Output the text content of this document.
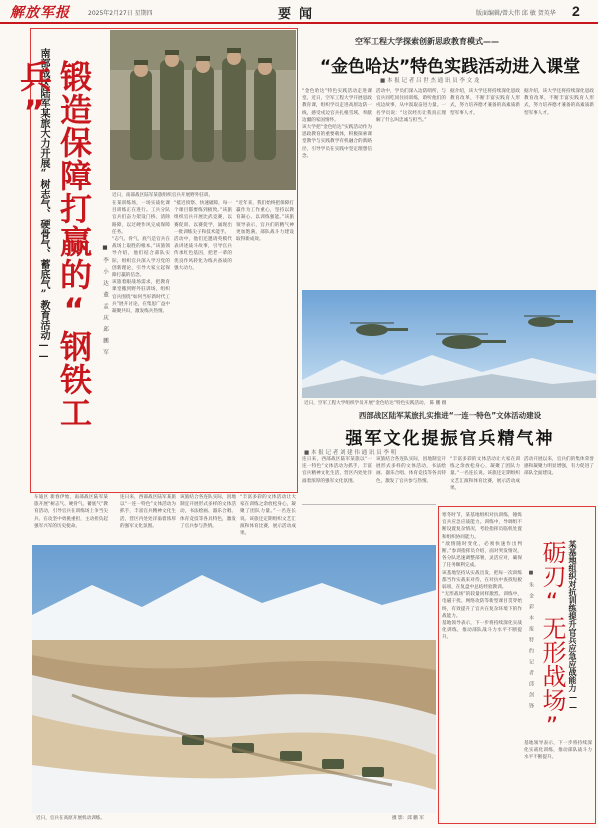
解放军报	2025年2月27日 星期四	要闻	版面编辑/曾大伟 邱 敏 贺英华 2
南部战区陆军某旅大力开展“树志气、硬骨气、蓄底气”教育活动—— 锻造保障打赢的“钢铁工兵”
■ 李 小 达 董 孟 庆 邱 鹏 军
近日，南部战区陆军某旅组织官兵开展野外驻训。

在某训练场，一场实战化课目训练正在进行。工兵分队官兵们奋力架设门桥、清除路障，以过硬作风完成保障任务。

“志气、骨气、底气是官兵在战场上取胜的根本。”该旅领导介绍，他们结合部队实际，组织官兵深入学习党的创新理论，引导大家立起保障打赢的信念。

该旅着眼战场需求，把教育课堂搬到野外驻训场，组织官兵围绕“如何当好新时代工兵”展开讨论，在集思广益中凝聚共识，激发练兵热情。

“抵近侦察、快速破障，每一个课目都要练到极致。”该旅组织官兵开展比武竞赛，以赛促训、以赛促学，涌现出一批训练尖子和技术能手。

活动中，他们还邀请英模代表讲述战斗故事，引导官兵传承红色基因，把老一辈的优良作风转化为练兵备战的强大动力。

“近年来，我们始终把保障打赢作为工作重心，坚持以教育凝心、以训练强能。”该旅领导表示，官兵们的精气神更加饱满，部队战斗力建设取得新成效。

车迪区 新春伊始，南部战区陆军某旅开展“树志气、硬骨气、蓄底气”教育活动，引导官兵在训练场上争当尖兵、在攻坚中勇挑重担，主动担负起强军兴军的历史使命。

空军工程大学探索创新思政教育模式——
“金色哈达”特色实践活动进入课堂
■ 本 报 记 者 吕 世 杰 通 讯 员 李 文 龙

“金色哈达”特色实践活动走进课堂。近日，空军工程大学开展思政教育课，组织学员走进高原边防一线，感受戍边官兵扎根雪域、奉献边疆的家国情怀。

该大学把“金色哈达”实践活动作为思政教育的重要载体，积极探索课堂教学与实践教学有机融合的新路径，引导学员在实践中坚定理想信念。

活动中，学员们深入边防哨所，与官兵同吃同住同训练，聆听他们的戍边故事，从中汲取奋进力量。一名学员说：“这次经历让我真正理解了什么叫忠诚与担当。”

据介绍，该大学还将持续深化思政教育改革，不断丰富实践育人形式，努力培养德才兼备的高素质新型军事人才。

据介绍，该大学还将持续深化思政教育改革，不断丰富实践育人形式，努力培养德才兼备的高素质新型军事人才。

近日，空军工程大学组织学员开展“金色哈达”特色实践活动。 陈 鹏 摄
西部战区陆军某旅扎实推进“一连一特色”文体活动建设
强军文化提振官兵精气神
■ 本 报 记 者 刘 建 伟 通 讯 员 李 明

连日来，西部战区陆军某旅以“一连一特色”文体活动为抓手，丰富官兵精神文化生活，营区内处处洋溢着浓厚的强军文化氛围。

该旅结合各连队实际，因地制宜开展形式多样的文体活动，书法绘画、器乐合唱、体育竞技等各具特色，激发了官兵参与热情。

“丰富多彩的文体活动让大家在训练之余放松身心，凝聚了团队力量。”一名连长说。该旅还定期组织文艺汇演和体育比赛，展示活动成果。

活动开展以来，官兵们的集体荣誉感和凝聚力明显增强，有力促进了部队全面建设。

近日，官兵在高原开展机动训练。	摄 影：邱 鹏 军

连日来，西部战区陆军某旅以“一连一特色”文体活动为抓手，丰富官兵精神文化生活，营区内处处洋溢着浓厚的强军文化氛围。

该旅结合各连队实际，因地制宜开展形式多样的文体活动，书法绘画、器乐合唱、体育竞技等各具特色，激发了官兵参与热情。

“丰富多彩的文体活动让大家在训练之余放松身心，凝聚了团队力量。”一名连长说。该旅还定期组织文艺汇演和体育比赛，展示活动成果。

某基地组织对抗训练提升官兵应急应战能力——
砺刃“无形战场”
■ 朱 金 彩 本 报 特 约 记 者 邱 剑 锋

寒冬时节，某基地组织对抗训练，锤炼官兵应急应战能力。训练中，导调组不断设置复杂情况，考验指挥员临机处置和组织协同能力。

“敌情随时变化，必须快速作出判断。”参训指挥员介绍，面对突发情况，各分队迅速调整部署，灵活应对，确保了任务顺利完成。

该基地坚持从实战出发，把每一次训练都当作实战来对待，在对抗中查找短板弱项，在复盘中总结经验教训。

“无形战场”的较量同样激烈。训练中，电磁干扰、网络攻防等新型课目贯穿始终，有效提升了官兵在复杂环境下的作战能力。

基地领导表示，下一步将持续深化实战化训练，推动部队战斗力水平不断提升。

基地领导表示，下一步将持续深化实战化训练，推动部队战斗力水平不断提升。
